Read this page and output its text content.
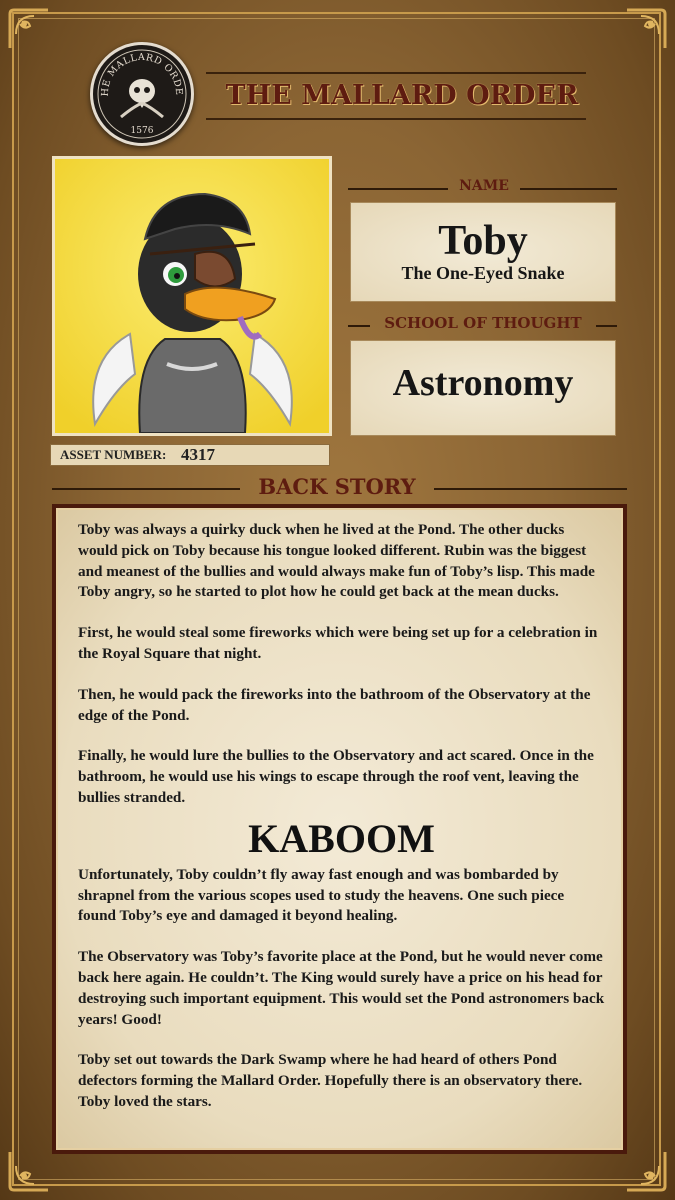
HE MALLARD ORDE
1576
THE MALLARD ORDER
ASSET NUMBER: 4317
NAME
Toby
The One-Eyed Snake
SCHOOL OF THOUGHT
Astronomy
BACK STORY

Toby was always a quirky duck when he lived at the Pond. The other ducks would pick on Toby because his tongue looked different. Rubin was the biggest and meanest of the bullies and would always make fun of Toby’s lisp. This made Toby angry, so he started to plot how he could get back at the mean ducks.

First, he would steal some fireworks which were being set up for a celebration in the Royal Square that night.

Then, he would pack the fireworks into the bathroom of the Observatory at the edge of the Pond.

Finally, he would lure the bullies to the Observatory and act scared. Once in the bathroom, he would use his wings to escape through the roof vent, leaving the bullies stranded.

KABOOM

Unfortunately, Toby couldn’t fly away fast enough and was bombarded by shrapnel from the various scopes used to study the heavens. One such piece found Toby’s eye and damaged it beyond healing.

The Observatory was Toby’s favorite place at the Pond, but he would never come back here again. He couldn’t. The King would surely have a price on his head for destroying such important equipment. This would set the Pond astronomers back years! Good!

Toby set out towards the Dark Swamp where he had heard of others Pond defectors forming the Mallard Order. Hopefully there is an observatory there. Toby loved the stars.
